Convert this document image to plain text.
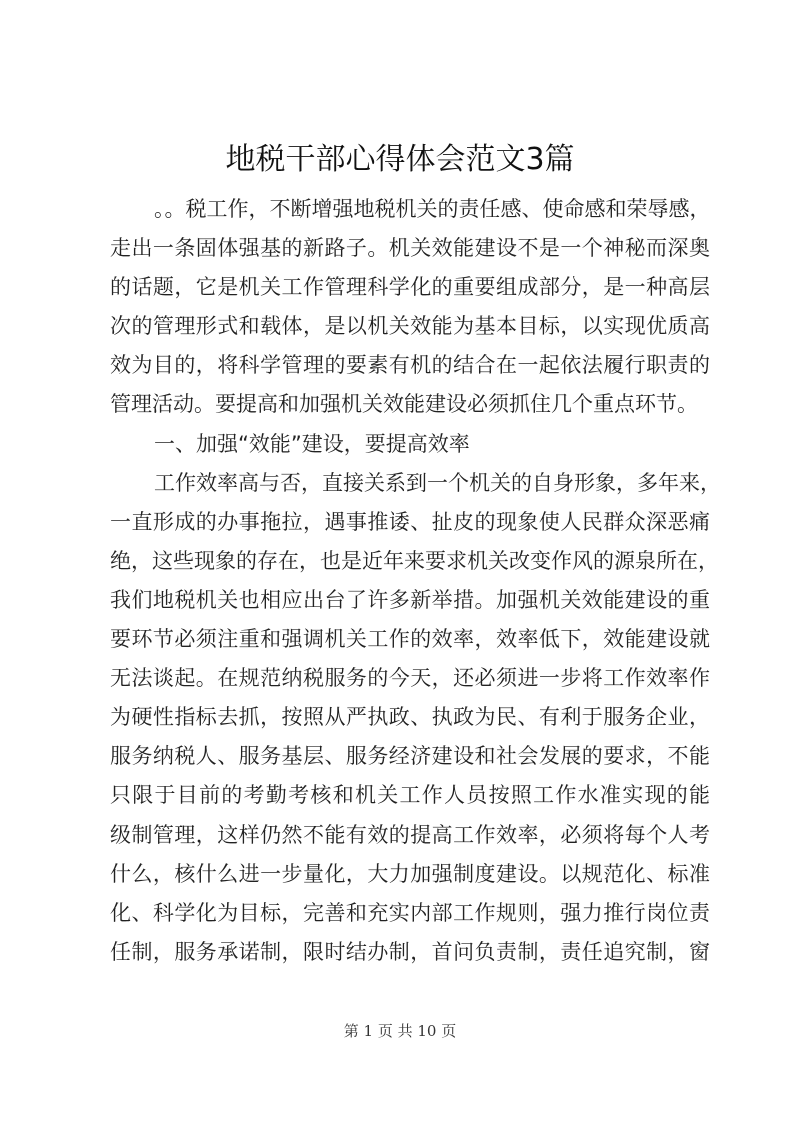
地税干部心得体会范文3篇
。。税工作，不断增强地税机关的责任感、使命感和荣辱感，
走出一条固体强基的新路子。机关效能建设不是一个神秘而深奥
的话题，它是机关工作管理科学化的重要组成部分，是一种高层
次的管理形式和载体，是以机关效能为基本目标，以实现优质高
效为目的，将科学管理的要素有机的结合在一起依法履行职责的
管理活动。要提高和加强机关效能建设必须抓住几个重点环节。
一、加强“效能”建设，要提高效率
工作效率高与否，直接关系到一个机关的自身形象，多年来，
一直形成的办事拖拉，遇事推诿、扯皮的现象使人民群众深恶痛
绝，这些现象的存在，也是近年来要求机关改变作风的源泉所在，
我们地税机关也相应出台了许多新举措。加强机关效能建设的重
要环节必须注重和强调机关工作的效率，效率低下，效能建设就
无法谈起。在规范纳税服务的今天，还必须进一步将工作效率作
为硬性指标去抓，按照从严执政、执政为民、有利于服务企业，
服务纳税人、服务基层、服务经济建设和社会发展的要求，不能
只限于目前的考勤考核和机关工作人员按照工作水准实现的能
级制管理，这样仍然不能有效的提高工作效率，必须将每个人考
什么，核什么进一步量化，大力加强制度建设。以规范化、标准
化、科学化为目标，完善和充实内部工作规则，强力推行岗位责
任制，服务承诺制，限时结办制，首问负责制，责任追究制，窗
第 1 页 共 10 页
